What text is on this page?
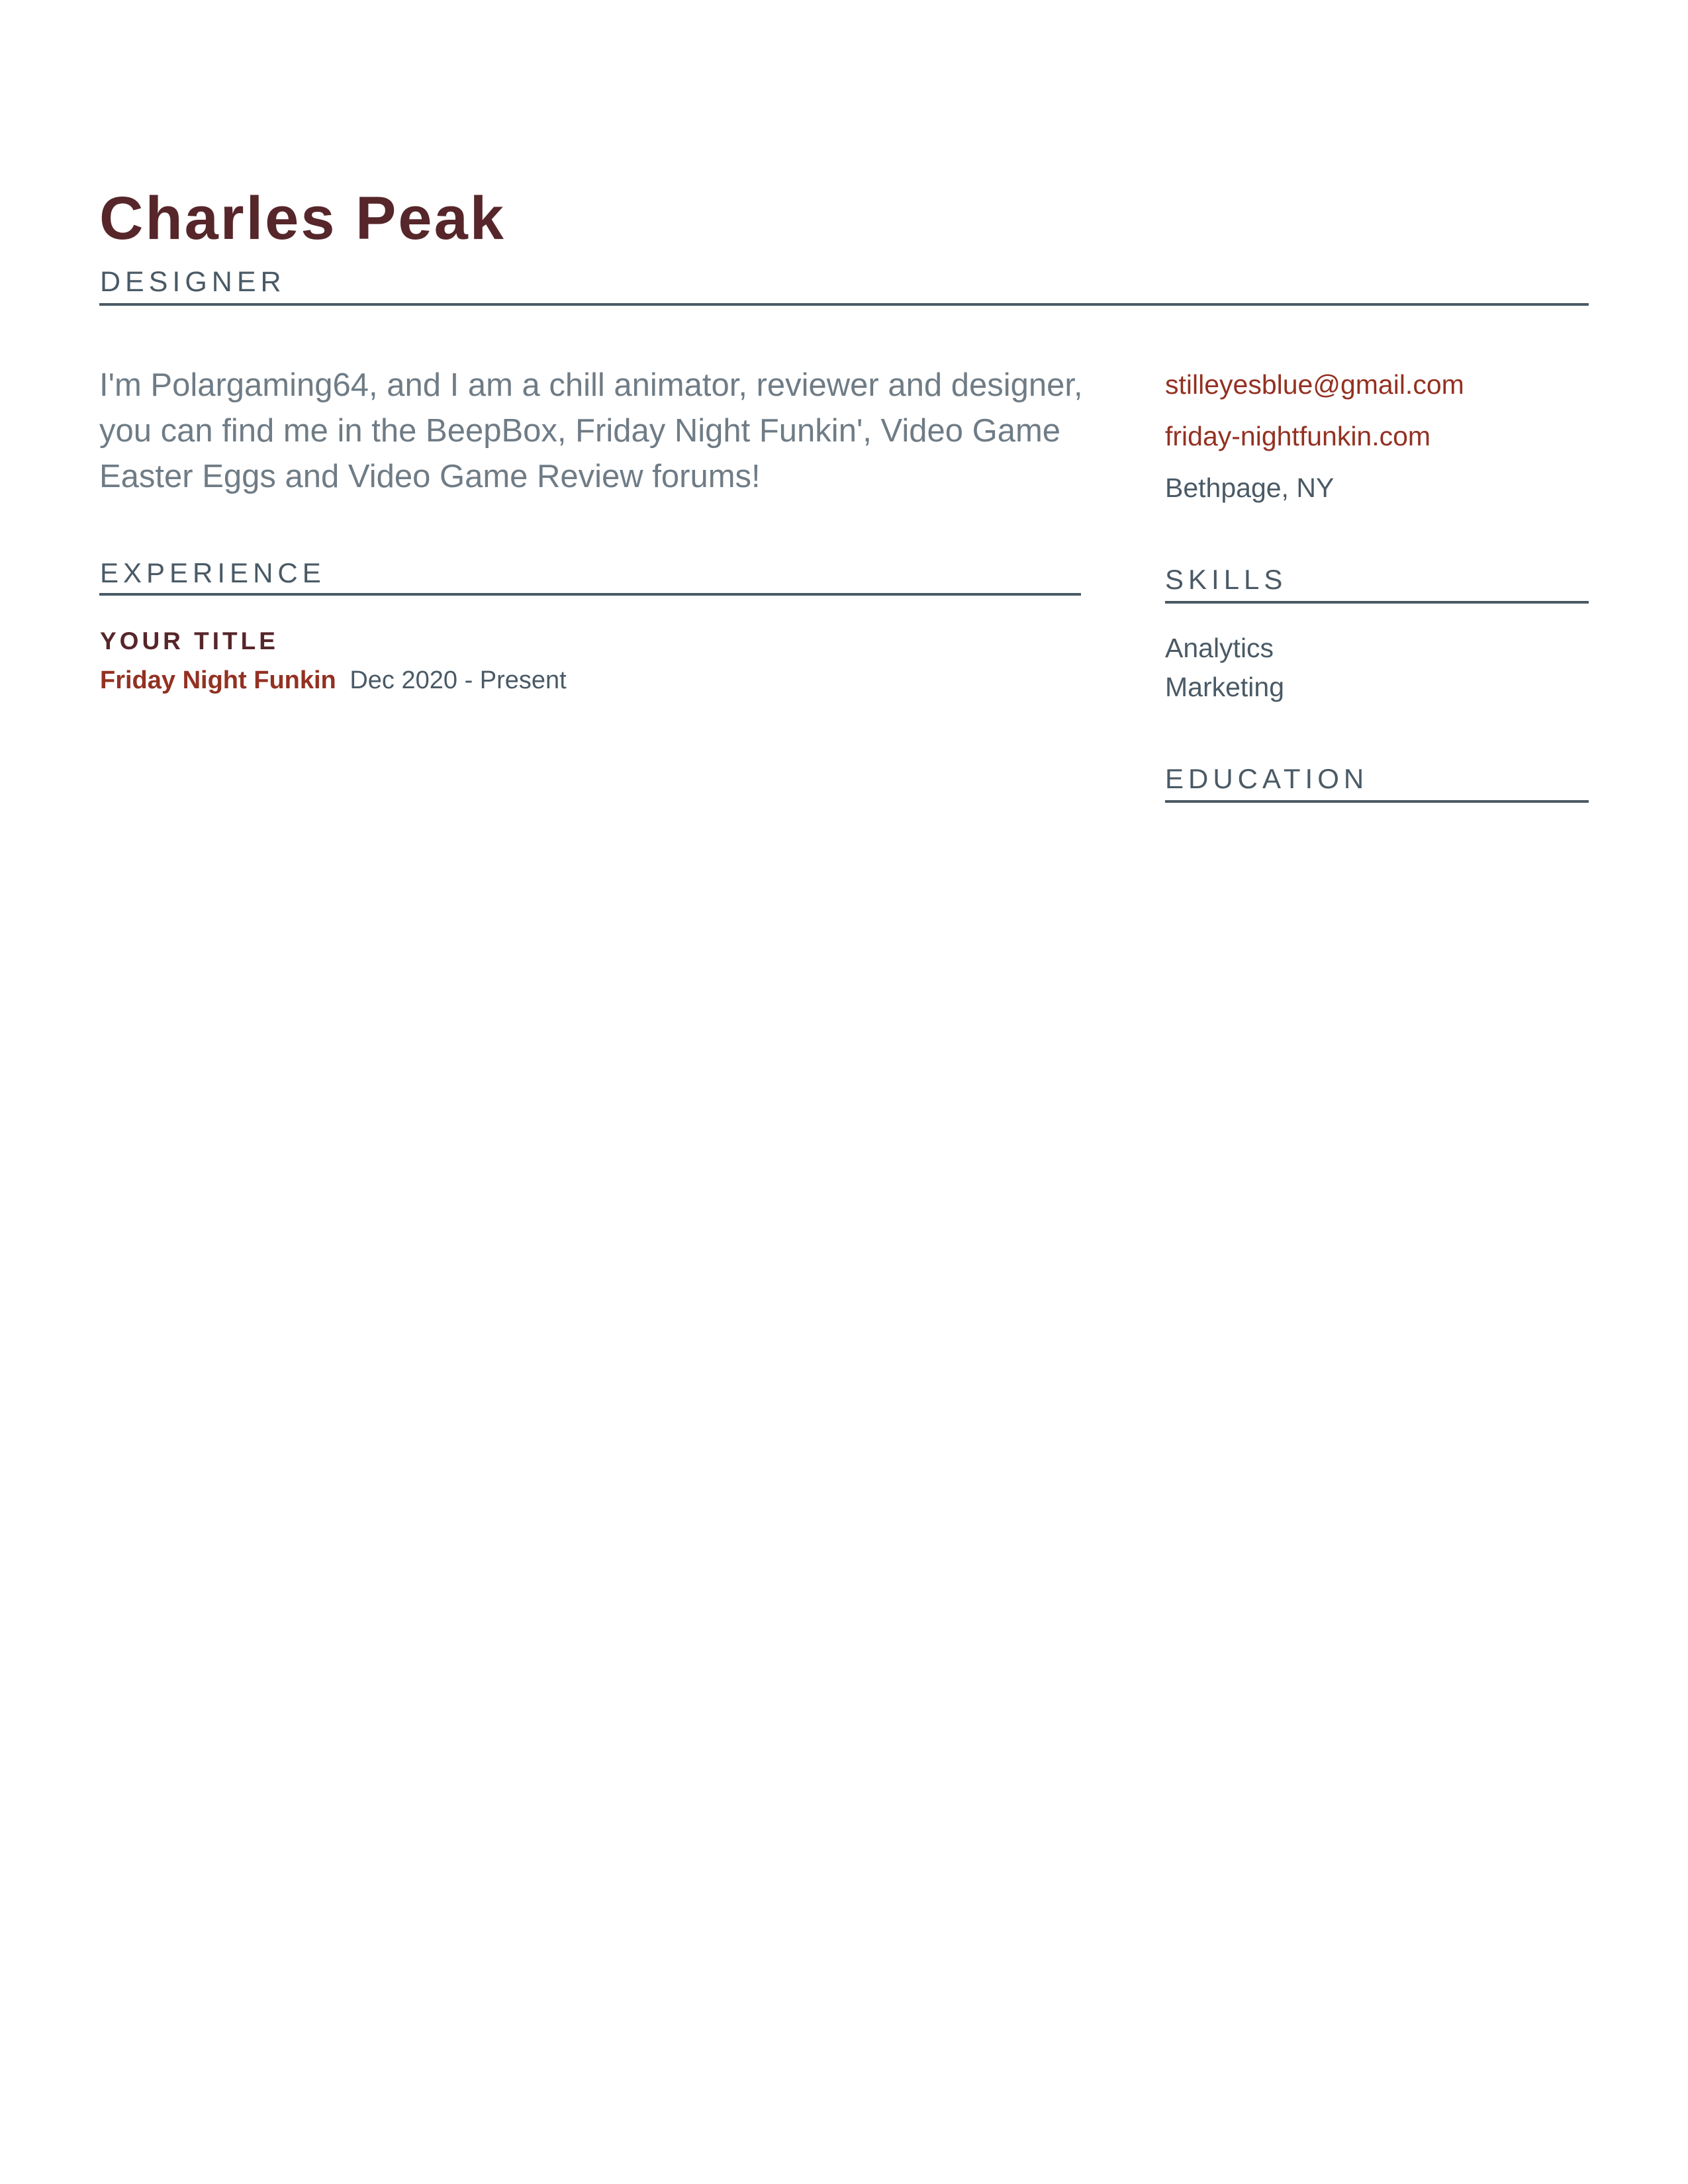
Charles Peak
DESIGNER

I'm Polargaming64, and I am a chill animator, reviewer and designer, you can find me in the BeepBox, Friday Night Funkin', Video Game Easter Eggs and Video Game Review forums!

stilleyesblue@gmail.com
friday-nightfunkin.com
Bethpage, NY
EXPERIENCE
YOUR TITLE
Friday Night Funkin Dec 2020 - Present
SKILLS
Analytics
Marketing
EDUCATION
